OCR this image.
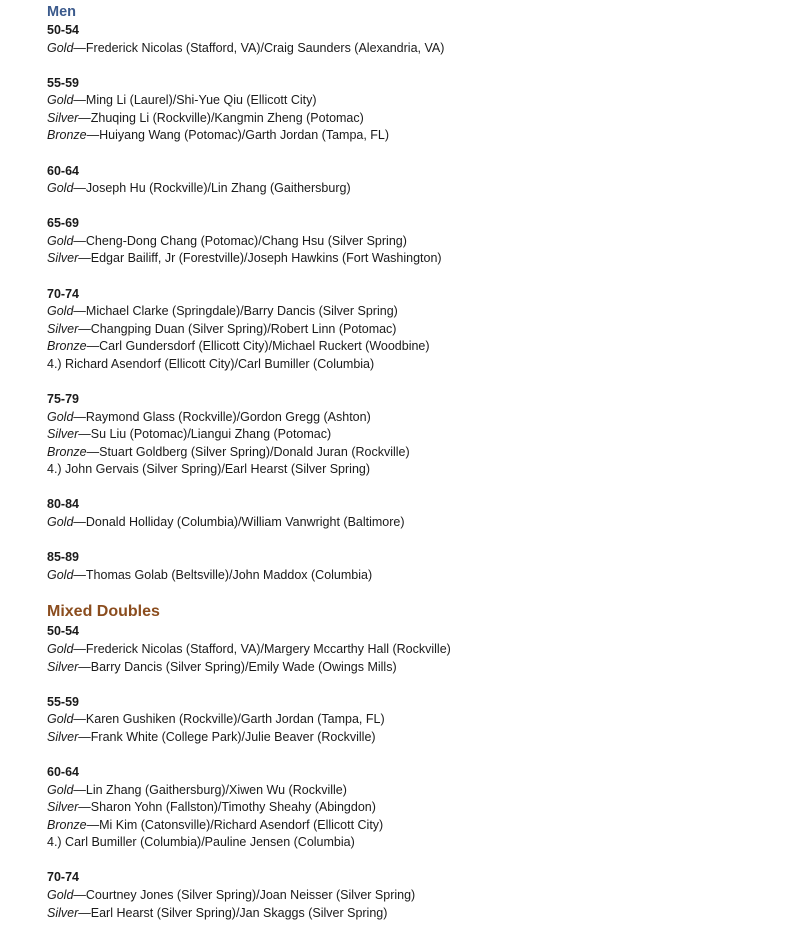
Men
50-54
Gold—Frederick Nicolas (Stafford, VA)/Craig Saunders (Alexandria, VA)
55-59
Gold—Ming Li (Laurel)/Shi-Yue Qiu (Ellicott City)
Silver—Zhuqing Li (Rockville)/Kangmin Zheng (Potomac)
Bronze—Huiyang Wang (Potomac)/Garth Jordan (Tampa, FL)
60-64
Gold—Joseph Hu (Rockville)/Lin Zhang (Gaithersburg)
65-69
Gold—Cheng-Dong Chang (Potomac)/Chang Hsu (Silver Spring)
Silver—Edgar Bailiff, Jr (Forestville)/Joseph Hawkins (Fort Washington)
70-74
Gold—Michael Clarke (Springdale)/Barry Dancis (Silver Spring)
Silver—Changping Duan (Silver Spring)/Robert Linn (Potomac)
Bronze—Carl Gundersdorf (Ellicott City)/Michael Ruckert (Woodbine)
4.) Richard Asendorf (Ellicott City)/Carl Bumiller (Columbia)
75-79
Gold—Raymond Glass (Rockville)/Gordon Gregg (Ashton)
Silver—Su Liu (Potomac)/Liangui Zhang (Potomac)
Bronze—Stuart Goldberg (Silver Spring)/Donald Juran (Rockville)
4.) John Gervais (Silver Spring)/Earl Hearst (Silver Spring)
80-84
Gold—Donald Holliday (Columbia)/William Vanwright (Baltimore)
85-89
Gold—Thomas Golab (Beltsville)/John Maddox (Columbia)
Mixed Doubles
50-54
Gold—Frederick Nicolas (Stafford, VA)/Margery Mccarthy Hall (Rockville)
Silver—Barry Dancis (Silver Spring)/Emily Wade (Owings Mills)
55-59
Gold—Karen Gushiken (Rockville)/Garth Jordan (Tampa, FL)
Silver—Frank White (College Park)/Julie Beaver (Rockville)
60-64
Gold—Lin Zhang (Gaithersburg)/Xiwen Wu (Rockville)
Silver—Sharon Yohn (Fallston)/Timothy Sheahy (Abingdon)
Bronze—Mi Kim (Catonsville)/Richard Asendorf (Ellicott City)
4.) Carl Bumiller (Columbia)/Pauline Jensen (Columbia)
70-74
Gold—Courtney Jones (Silver Spring)/Joan Neisser (Silver Spring)
Silver—Earl Hearst (Silver Spring)/Jan Skaggs (Silver Spring)
